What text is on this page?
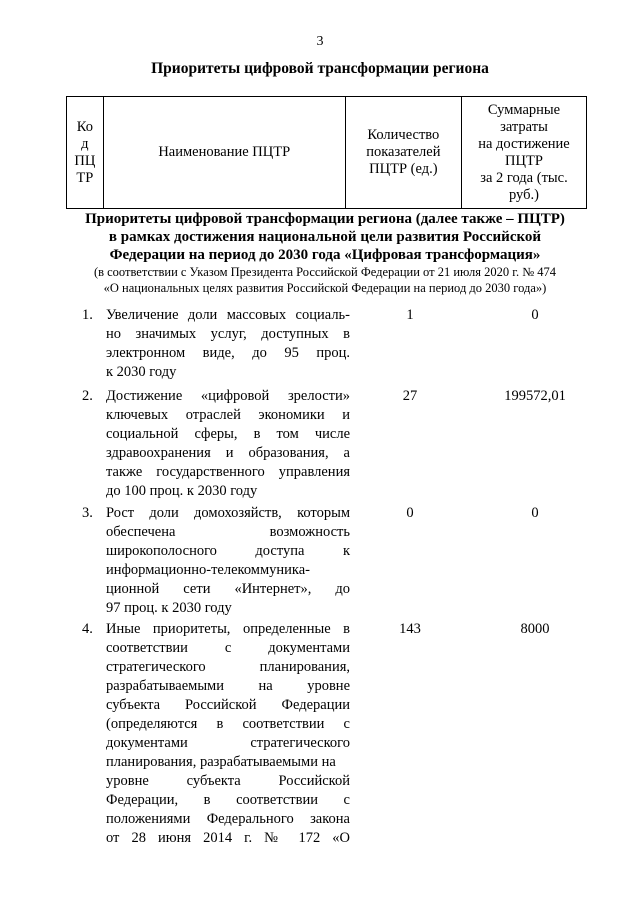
3
Приоритеты цифровой трансформации региона
Ко
д
ПЦ
ТР

Наименование ПЦТР

Количество
показателей
ПЦТР (ед.)

Суммарные
затраты
на достижение
ПЦТР
за 2 года (тыс.
руб.)
Приоритеты цифровой трансформации региона (далее также – ПЦТР)
в рамках достижения национальной цели развития Российской
Федерации на период до 2030 года «Цифровая трансформация»
(в соответствии с Указом Президента Российской Федерации от 21 июля 2020 г. № 474
«О национальных целях развития Российской Федерации на период до 2030 года»)
1. Увеличение доли массовых социаль-
но значимых услуг, доступных в
электронном виде, до 95 проц.
к 2030 году
1	0
2. Достижение «цифровой зрелости»
ключевых отраслей экономики и
социальной сферы, в том числе
здравоохранения и образования, а
также государственного управления
до 100 проц. к 2030 году
27	199572,01
3. Рост доли домохозяйств, которым
обеспечена возможность
широкополосного доступа к
информационно-телекоммуника-
ционной сети «Интернет», до
97 проц. к 2030 году
0	0
4. Иные приоритеты, определенные в
соответствии с документами
стратегического планирования,
разрабатываемыми на уровне
субъекта Российской Федерации
(определяются в соответствии с
документами стратегического
планирования, разрабатываемыми на
уровне субъекта Российской
Федерации, в соответствии с
положениями Федерального закона
от 28 июня 2014 г. № 172 «О
143	8000
